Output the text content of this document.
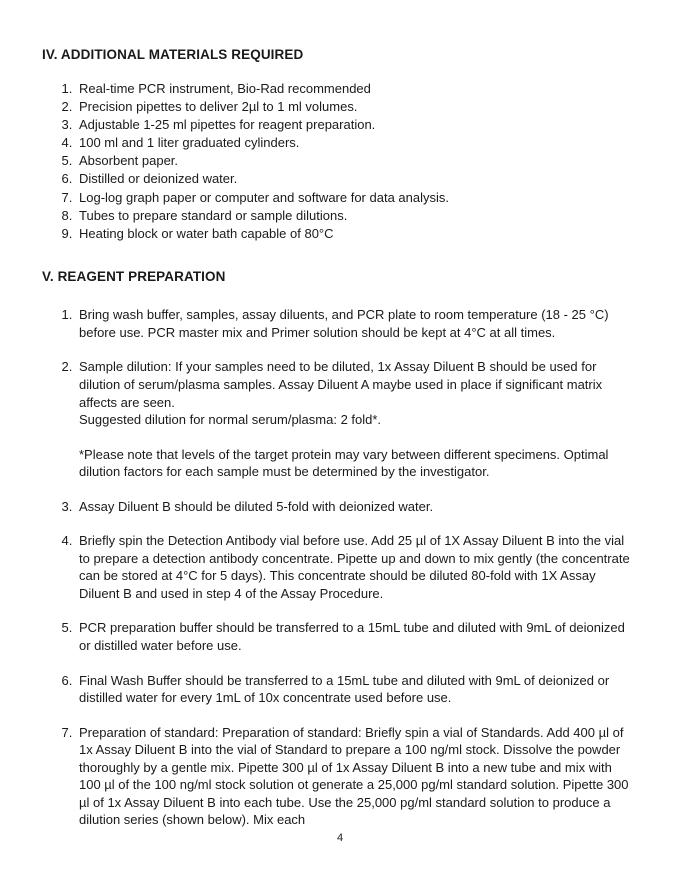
IV. ADDITIONAL MATERIALS REQUIRED
1. Real-time PCR instrument, Bio-Rad recommended
2. Precision pipettes to deliver 2µl to 1 ml volumes.
3. Adjustable 1-25 ml pipettes for reagent preparation.
4. 100 ml and 1 liter graduated cylinders.
5. Absorbent paper.
6. Distilled or deionized water.
7. Log-log graph paper or computer and software for data analysis.
8. Tubes to prepare standard or sample dilutions.
9. Heating block or water bath capable of 80°C
V. REAGENT PREPARATION

1. Bring wash buffer, samples, assay diluents, and PCR plate to room temperature (18 - 25 °C) before use. PCR master mix and Primer solution should be kept at 4°C at all times.

2. Sample dilution: If your samples need to be diluted, 1x Assay Diluent B should be used for dilution of serum/plasma samples. Assay Diluent A maybe used in place if significant matrix affects are seen.

Suggested dilution for normal serum/plasma: 2 fold*.

*Please note that levels of the target protein may vary between different specimens. Optimal dilution factors for each sample must be determined by the investigator.

3. Assay Diluent B should be diluted 5-fold with deionized water.

4. Briefly spin the Detection Antibody vial before use. Add 25 µl of 1X Assay Diluent B into the vial to prepare a detection antibody concentrate. Pipette up and down to mix gently (the concentrate can be stored at 4°C for 5 days). This concentrate should be diluted 80-fold with 1X Assay Diluent B and used in step 4 of the Assay Procedure.

5. PCR preparation buffer should be transferred to a 15mL tube and diluted with 9mL of deionized or distilled water before use.

6. Final Wash Buffer should be transferred to a 15mL tube and diluted with 9mL of deionized or distilled water for every 1mL of 10x concentrate used before use.

7. Preparation of standard: Preparation of standard: Briefly spin a vial of Standards. Add 400 µl of 1x Assay Diluent B into the vial of Standard to prepare a 100 ng/ml stock. Dissolve the powder thoroughly by a gentle mix. Pipette 300 µl of 1x Assay Diluent B into a new tube and mix with 100 µl of the 100 ng/ml stock solution ot generate a 25,000 pg/ml standard solution. Pipette 300 µl of 1x Assay Diluent B into each tube. Use the 25,000 pg/ml standard solution to produce a dilution series (shown below). Mix each

4
